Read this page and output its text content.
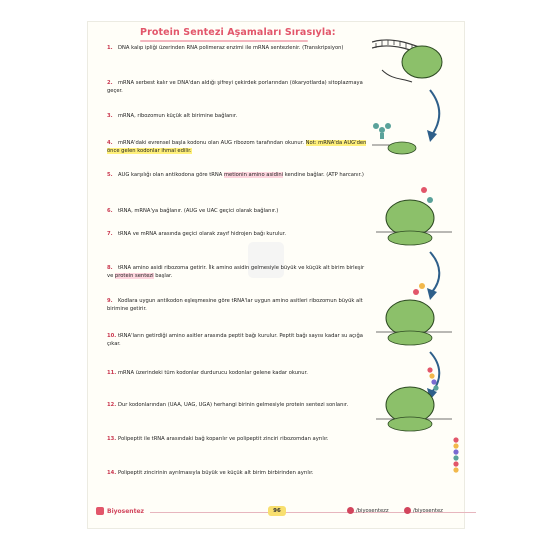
Protein Sentezi Aşamaları Sırasıyla:
1. DNA kalıp ipliği üzerinden RNA polimeraz enzimi ile mRNA sentezlenir. (Transkripsiyon)
2. mRNA serbest kalır ve DNA'dan aldığı şifreyi çekirdek porlarından (ökaryotlarda) sitoplazmaya geçer.
3. mRNA, ribozomun küçük alt birimine bağlanır.
4. mRNA'daki evrensel başla kodonu olan AUG ribozom tarafından okunur. Not: mRNA'da AUG'den önce gelen kodonlar ihmal edilir.
5. AUG karşılığı olan antikodona göre tRNA metionin amino asidini kendine bağlar. (ATP harcanır.)
6. tRNA, mRNA'ya bağlanır. (AUG ve UAC geçici olarak bağlanır.)
7. tRNA ve mRNA arasında geçici olarak zayıf hidrojen bağı kurulur.
8. tRNA amino asidi ribozoma getirir. İlk amino asidin gelmesiyle büyük ve küçük alt birim birleşir ve protein sentezi başlar.
9. Kodlara uygun antikodon eşleşmesine göre tRNA'lar uygun amino asitleri ribozomun büyük alt birimine getirir.
10. tRNA'ların getirdiği amino asitler arasında peptit bağı kurulur. Peptit bağı sayısı kadar su açığa çıkar.
11. mRNA üzerindeki tüm kodonlar durdurucu kodonlar gelene kadar okunur.
12. Dur kodonlarından (UAA, UAG, UGA) herhangi birinin gelmesiyle protein sentezi sonlanır.
13. Polipeptit ile tRNA arasındaki bağ koparılır ve polipeptit zinciri ribozomdan ayrılır.
14. Polipeptit zincirinin ayrılmasıyla büyük ve küçük alt birim birbirinden ayrılır.
Biyosentez	96	/biyosentezz	/biyosentez
